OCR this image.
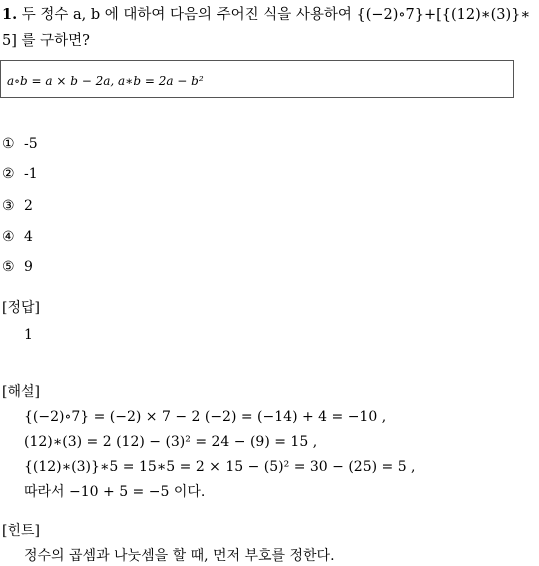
1. 두 정수 a, b 에 대하여 다음의 주어진 식을 사용하여 {(−2)∘7}+[{(12)∗(3)}∗
5] 를 구하면?
a∘b = a × b − 2a, a∗b = 2a − b²
① -5
② -1
③ 2
④ 4
⑤ 9
[정답]
1
[해설]
{(−2)∘7} = (−2) × 7 − 2 (−2) = (−14) + 4 = −10 ,
(12)∗(3) = 2 (12) − (3)² = 24 − (9) = 15 ,
{(12)∗(3)}∗5 = 15∗5 = 2 × 15 − (5)² = 30 − (25) = 5 ,
따라서 −10 + 5 = −5 이다.
[힌트]
정수의 곱셈과 나눗셈을 할 때, 먼저 부호를 정한다.
